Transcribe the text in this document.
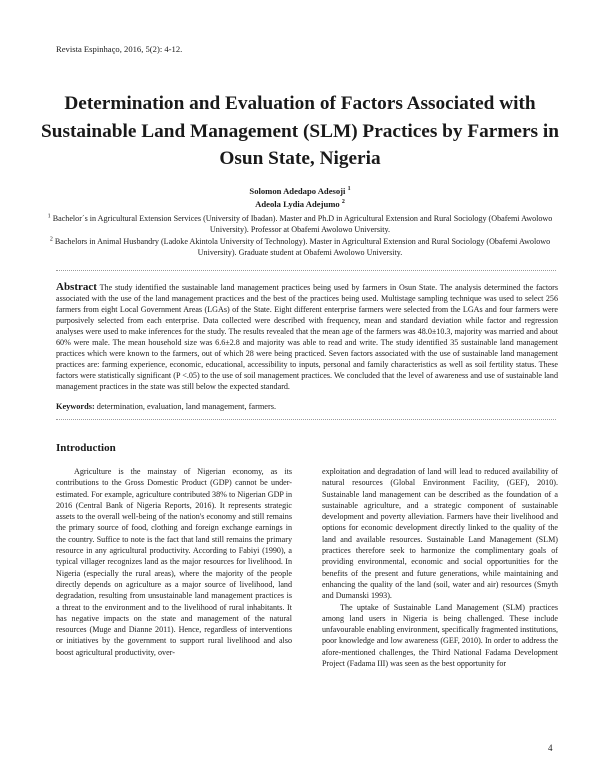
Revista Espinhaço, 2016, 5(2): 4-12.
Determination and Evaluation of Factors Associated with Sustainable Land Management (SLM) Practices by Farmers in Osun State, Nigeria
Solomon Adedapo Adesoji $^1$
Adeola Lydia Adejumo $^2$

$^1$ Bachelor´s in Agricultural Extension Services (University of Ibadan). Master and Ph.D in Agricultural Extension and Rural Sociology (Obafemi Awolowo University). Professor at Obafemi Awolowo University.

$^2$ Bachelors in Animal Husbandry (Ladoke Akintola University of Technology). Master in Agricultural Extension and Rural Sociology (Obafemi Awolowo University). Graduate student at Obafemi Awolowo University.

Abstract The study identified the sustainable land management practices being used by farmers in Osun State. The analysis determined the factors associated with the use of the land management practices and the best of the practices being used. Multistage sampling technique was used to select 256 farmers from eight Local Government Areas (LGAs) of the State. Eight different enterprise farmers were selected from the LGAs and four farmers were purposively selected from each enterprise. Data collected were described with frequency, mean and standard deviation while factor and regression analyses were used to make inferences for the study. The results revealed that the mean age of the farmers was 48.0±10.3, majority was married and about 60% were male. The mean household size was 6.6±2.8 and majority was able to read and write. The study identified 35 sustainable land management practices which were known to the farmers, out of which 28 were being practiced. Seven factors associated with the use of sustainable land management practices are: farming experience, economic, educational, accessibility to inputs, personal and family characteristics as well as soil fertility status. These factors were statistically significant (P <.05) to the use of soil management practices. We concluded that the level of awareness and use of sustainable land management practices in the state was still below the expected standard.
Keywords: determination, evaluation, land management, farmers.
Introduction

Agriculture is the mainstay of Nigerian economy, as its contributions to the Gross Domestic Product (GDP) cannot be under-estimated. For example, agriculture contributed 38% to Nigerian GDP in 2016 (Central Bank of Nigeria Reports, 2016). It represents strategic assets to the overall well-being of the nation's economy and still remains the primary source of food, clothing and foreign exchange earnings in the country. Suffice to note is the fact that land still remains the primary resource in any agricultural productivity. According to Fabiyi (1990), a typical villager recognizes land as the major resources for livelihood. In Nigeria (especially the rural areas), where the majority of the people directly depends on agriculture as a major source of livelihood, land degradation, resulting from unsustainable land management practices is a threat to the environment and to the livelihood of rural inhabitants. It has negative impacts on the state and management of the natural resources (Muge and Dianne 2011). Hence, regardless of interventions or initiatives by the government to support rural livelihood and also boost agricultural productivity, over-

exploitation and degradation of land will lead to reduced availability of natural resources (Global Environment Facility, (GEF), 2010). Sustainable land management can be described as the foundation of a sustainable agriculture, and a strategic component of sustainable development and poverty alleviation. Farmers have their livelihood and options for economic development directly linked to the quality of the land and available resources. Sustainable Land Management (SLM) practices therefore seek to harmonize the complimentary goals of providing environmental, economic and social opportunities for the benefits of the present and future generations, while maintaining and enhancing the quality of the land (soil, water and air) resources (Smyth and Dumanski 1993).

The uptake of Sustainable Land Management (SLM) practices among land users in Nigeria is being challenged. These include unfavourable enabling environment, specifically fragmented institutions, poor knowledge and low awareness (GEF, 2010). In order to address the afore-mentioned challenges, the Third National Fadama Development Project (Fadama III) was seen as the best opportunity for

4
